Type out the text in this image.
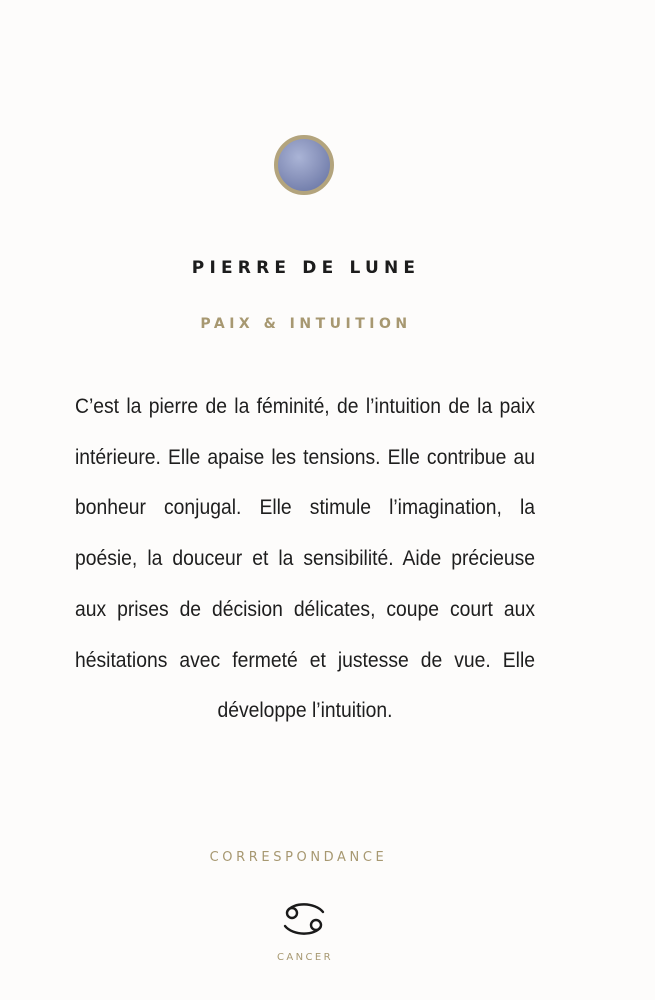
PIERRE DE LUNE
PAIX & INTUITION

C’est la pierre de la féminité, de l’intuition de la paix intérieure. Elle apaise les tensions. Elle contribue au bonheur conjugal. Elle stimule l’imagination, la poésie, la douceur et la sensibilité. Aide précieuse aux prises de décision délicates, coupe court aux hésitations avec fermeté et justesse de vue. Elle développe l’intuition.

CORRESPONDANCE
CANCER
